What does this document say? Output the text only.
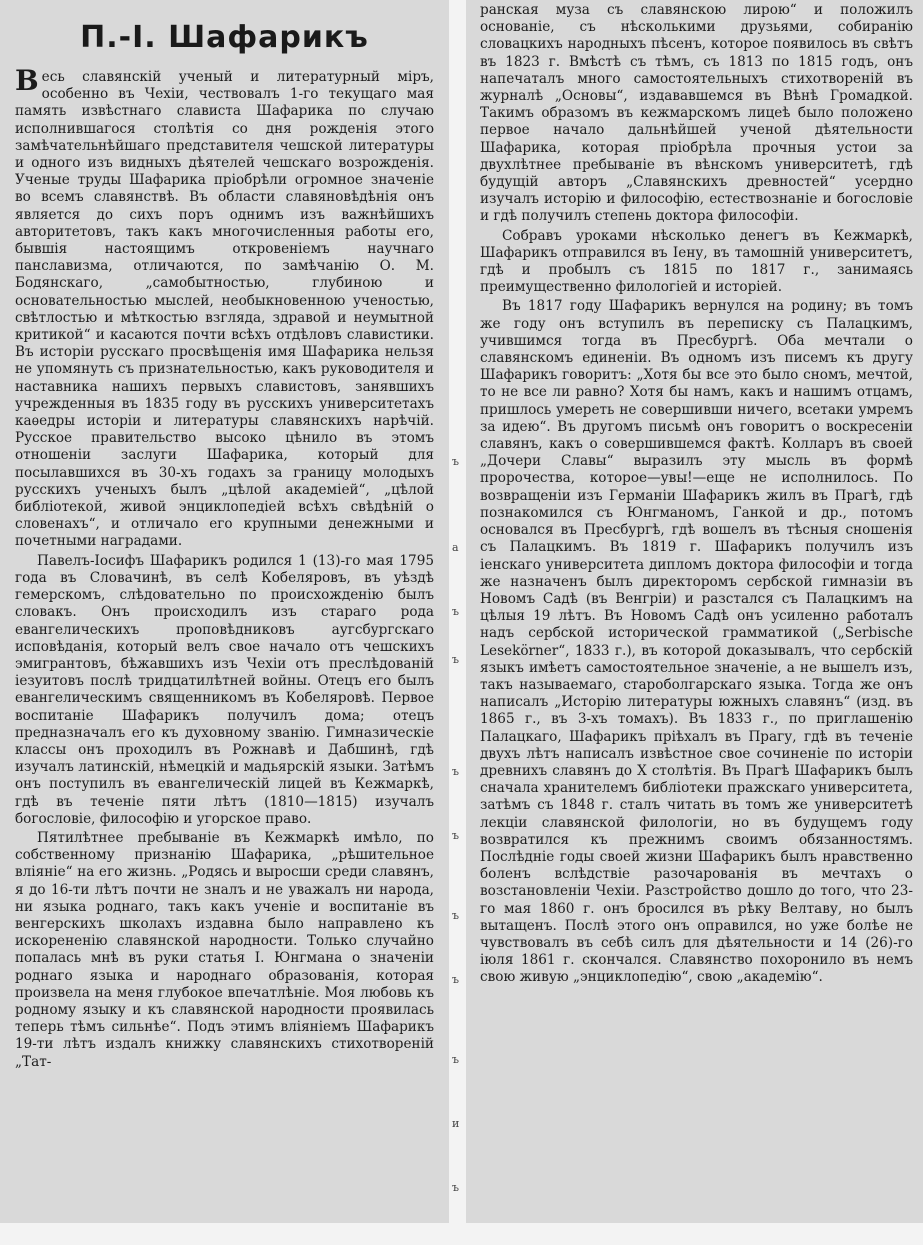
П.-І. Шафарикъ

Весь славянскій ученый и литературный міръ, особенно въ Чехіи, чествовалъ 1-го текущаго мая память извѣстнаго слависта Шафарика по случаю исполнившагося столѣтія со дня рожденія этого замѣчательнѣйшаго представителя чешской литературы и одного изъ видныхъ дѣятелей чешскаго возрожденія. Ученые труды Шафарика пріобрѣли огромное значеніе во всемъ славянствѣ. Въ области славяновѣдѣнія онъ является до сихъ поръ однимъ изъ важнѣйшихъ авторитетовъ, такъ какъ многочисленныя работы его, бывшія настоящимъ откровеніемъ научнаго панславизма, отличаются, по замѣчанію О. М. Бодянскаго, „самобытностью, глубиною и основательностью мыслей, необыкновенною ученостью, свѣтлостью и мѣткостью взгляда, здравой и неумытной критикой“ и касаются почти всѣхъ отдѣловъ славистики. Въ исторіи русскаго просвѣщенія имя Шафарика нельзя не упомянуть съ признательностью, какъ руководителя и наставника нашихъ первыхъ славистовъ, занявшихъ учрежденныя въ 1835 году въ русскихъ университетахъ каѳедры исторіи и литературы славянскихъ нарѣчій. Русское правительство высоко цѣнило въ этомъ отношеніи заслуги Шафарика, который для посылавшихся въ 30-хъ годахъ за границу молодыхъ русскихъ ученыхъ былъ „цѣлой академіей“, „цѣлой библіотекой, живой энциклопедіей всѣхъ свѣдѣній о словенахъ“, и отличало его крупными денежными и почетными наградами.

Павелъ-Іосифъ Шафарикъ родился 1 (13)-го мая 1795 года въ Словачинѣ, въ селѣ Кобеляровъ, въ уѣздѣ гемерскомъ, слѣдовательно по происхожденію былъ словакъ. Онъ происходилъ изъ стараго рода евангелическихъ проповѣдниковъ аугсбургскаго исповѣданія, который велъ свое начало отъ чешскихъ эмигрантовъ, бѣжавшихъ изъ Чехіи отъ преслѣдованій іезуитовъ послѣ тридцатилѣтней войны. Отецъ его былъ евангелическимъ священникомъ въ Кобеляровѣ. Первое воспитаніе Шафарикъ получилъ дома; отецъ предназначалъ его къ духовному званію. Гимназическіе классы онъ проходилъ въ Рожнавѣ и Дабшинѣ, гдѣ изучалъ латинскій, нѣмецкій и мадьярскій языки. Затѣмъ онъ поступилъ въ евангелическій лицей въ Кежмаркѣ, гдѣ въ теченіе пяти лѣтъ (1810—1815) изучалъ богословіе, философію и угорское право.

Пятилѣтнее пребываніе въ Кежмаркѣ имѣло, по собственному признанію Шафарика, „рѣшительное вліяніе“ на его жизнь. „Родясь и выросши среди славянъ, я до 16-ти лѣтъ почти не зналъ и не уважалъ ни народа, ни языка роднаго, такъ какъ ученіе и воспитаніе въ венгерскихъ школахъ издавна было направлено къ искорененію славянской народности. Только случайно попалась мнѣ въ руки статья І. Юнгмана о значеніи роднаго языка и народнаго образованія, которая произвела на меня глубокое впечатлѣніе. Моя любовь къ родному языку и къ славянской народности проявилась теперь тѣмъ сильнѣе“. Подъ этимъ вліяніемъ Шафарикъ 19-ти лѣтъ издалъ книжку славянскихъ стихотвореній „Тат-

ъ
а
ъ
ъ
ъ
ъ
ъ
ъ
ъ
и
ъ

ранская муза съ славянскою лирою“ и положилъ основаніе, съ нѣсколькими друзьями, собиранію словацкихъ народныхъ пѣсенъ, которое появилось въ свѣтъ въ 1823 г. Вмѣстѣ съ тѣмъ, съ 1813 по 1815 годъ, онъ напечаталъ много самостоятельныхъ стихотвореній въ журналѣ „Основы“, издававшемся въ Вѣнѣ Громадкой. Такимъ образомъ въ кежмарскомъ лицеѣ было положено первое начало дальнѣйшей ученой дѣятельности Шафарика, которая пріобрѣла прочныя устои за двухлѣтнее пребываніе въ вѣнскомъ университетѣ, гдѣ будущій авторъ „Славянскихъ древностей“ усердно изучалъ исторію и философію, естествознаніе и богословіе и гдѣ получилъ степень доктора философіи.

Собравъ уроками нѣсколько денегъ въ Кежмаркѣ, Шафарикъ отправился въ Іену, въ тамошній университетъ, гдѣ и пробылъ съ 1815 по 1817 г., занимаясь преимущественно филологіей и исторіей.

Въ 1817 году Шафарикъ вернулся на родину; въ томъ же году онъ вступилъ въ переписку съ Палацкимъ, учившимся тогда въ Пресбургѣ. Оба мечтали о славянскомъ единеніи. Въ одномъ изъ писемъ къ другу Шафарикъ говоритъ: „Хотя бы все это было сномъ, мечтой, то не все ли равно? Хотя бы намъ, какъ и нашимъ отцамъ, пришлось умереть не совершивши ничего, всетаки умремъ за идею“. Въ другомъ письмѣ онъ говоритъ о воскресеніи славянъ, какъ о совершившемся фактѣ. Колларъ въ своей „Дочери Славы“ выразилъ эту мысль въ формѣ пророчества, которое—увы!—еще не исполнилось. По возвращеніи изъ Германіи Шафарикъ жилъ въ Прагѣ, гдѣ познакомился съ Юнгманомъ, Ганкой и др., потомъ основался въ Пресбургѣ, гдѣ вошелъ въ тѣсныя сношенія съ Палацкимъ. Въ 1819 г. Шафарикъ получилъ изъ іенскаго университета дипломъ доктора философіи и тогда же назначенъ былъ директоромъ сербской гимназіи въ Новомъ Садѣ (въ Венгріи) и разстался съ Палацкимъ на цѣлыя 19 лѣтъ. Въ Новомъ Садѣ онъ усиленно работалъ надъ сербской исторической грамматикой („Serbische Lesekörner“, 1833 г.), въ которой доказывалъ, что сербскій языкъ имѣетъ самостоятельное значеніе, а не вышелъ изъ, такъ называемаго, староболгарскаго языка. Тогда же онъ написалъ „Исторію литературы южныхъ славянъ“ (изд. въ 1865 г., въ 3-хъ томахъ). Въ 1833 г., по приглашенію Палацкаго, Шафарикъ пріѣхалъ въ Прагу, гдѣ въ теченіе двухъ лѣтъ написалъ извѣстное свое сочиненіе по исторіи древнихъ славянъ до X столѣтія. Въ Прагѣ Шафарикъ былъ сначала хранителемъ библіотеки пражскаго университета, затѣмъ съ 1848 г. сталъ читать въ томъ же университетѣ лекціи славянской филологіи, но въ будущемъ году возвратился къ прежнимъ своимъ обязанностямъ. Послѣдніе годы своей жизни Шафарикъ былъ нравственно боленъ вслѣдствіе разочарованія въ мечтахъ о возстановленіи Чехіи. Разстройство дошло до того, что 23-го мая 1860 г. онъ бросился въ рѣку Велтаву, но былъ вытащенъ. Послѣ этого онъ оправился, но уже болѣе не чувствовалъ въ себѣ силъ для дѣятельности и 14 (26)-го іюля 1861 г. скончался. Славянство похоронило въ немъ свою живую „энциклопедію“, свою „академію“.
